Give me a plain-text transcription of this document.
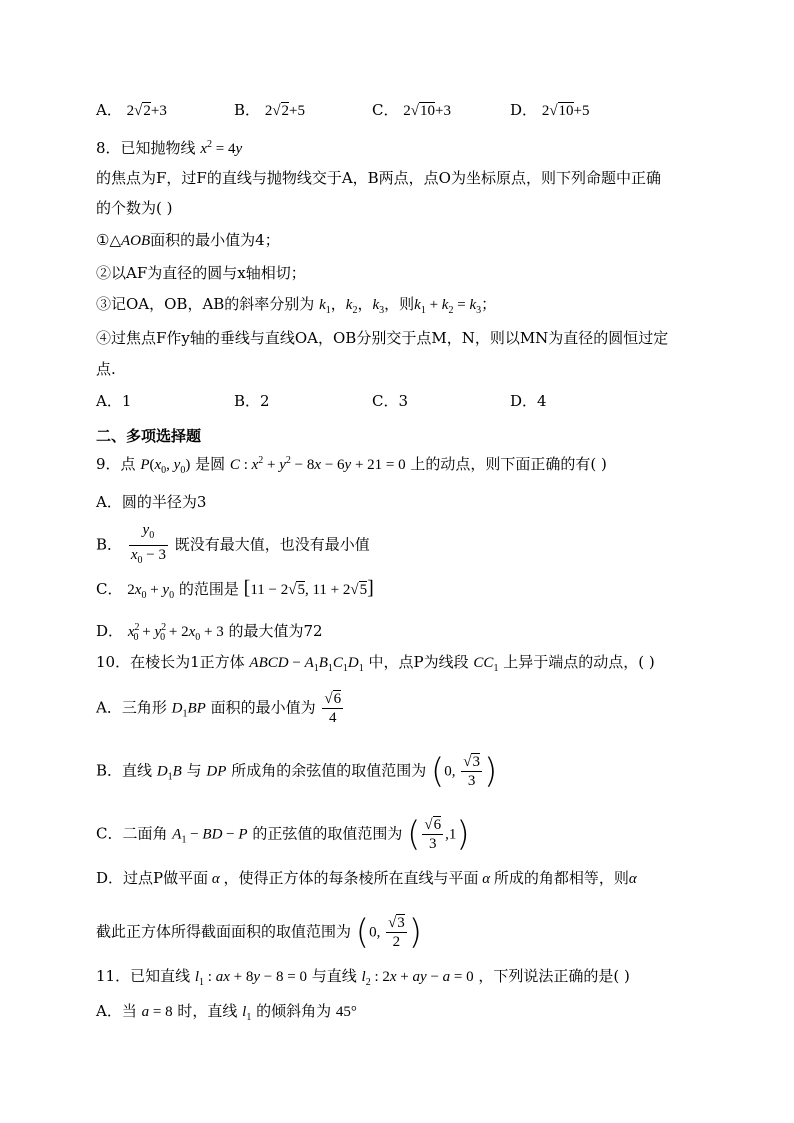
A． 2√2+3	B． 2√2+5	C． 2√10+3	D． 2√10+5
8．已知抛物线 $x^2 = 4y$
的焦点为F，过F的直线与抛物线交于A，B两点，点O为坐标原点，则下列命题中正确
的个数为( )
①△AOB面积的最小值为4；
②以AF为直径的圆与x轴相切；
③记OA，OB，AB的斜率分别为 $k_1$，$k_2$，$k_3$，则$k_1 + k_2 = k_3$；
④过焦点F作y轴的垂线与直线OA，OB分别交于点M，N，则以MN为直径的圆恒过定
点.
A．1	B．2	C．3	D．4
二、多项选择题
9．点 $P(x_0$, $y_0$) 是圆 C : $x^2 + y^2 - 8x - 6y + 21 = 0$ 上的动点，则下面正确的有( )
A．圆的半径为3
B． $\frac{y_0}{x_0 - 3}$ 既没有最大值，也没有最小值
C． $2x_0 + y_0$ 的范围是 [11 − 2√5, 11 + 2√5]
D． $x^2_0 + y^2_0 + 2x_0 + 3$ 的最大值为72
10．在棱长为1正方体 ABCD − $A_1B_1C_1D_1$ 中，点P为线段 $CC_1$ 上异于端点的动点，( )
A．三角形 $D_1BP$ 面积的最小值为 $\frac{√6}{4}$
B．直线 $D_1B$ 与 DP 所成角的余弦值的取值范围为 (0, $\frac{√3}{3}$ )
C．二面角 $A_1$ − BD − P 的正弦值的取值范围为 ( $\frac{√6}{3} ,1$)
D．过点P做平面 α ，使得正方体的每条棱所在直线与平面 α 所成的角都相等，则α
截此正方体所得截面面积的取值范围为 (0, $\frac{√3}{2}$ )
11．已知直线 $l_1$ : ax + 8y − 8 = 0 与直线 $l_2$ : 2x + ay − a = 0 ，下列说法正确的是( )
A．当 a = 8 时，直线 $l_1$ 的倾斜角为 45°
